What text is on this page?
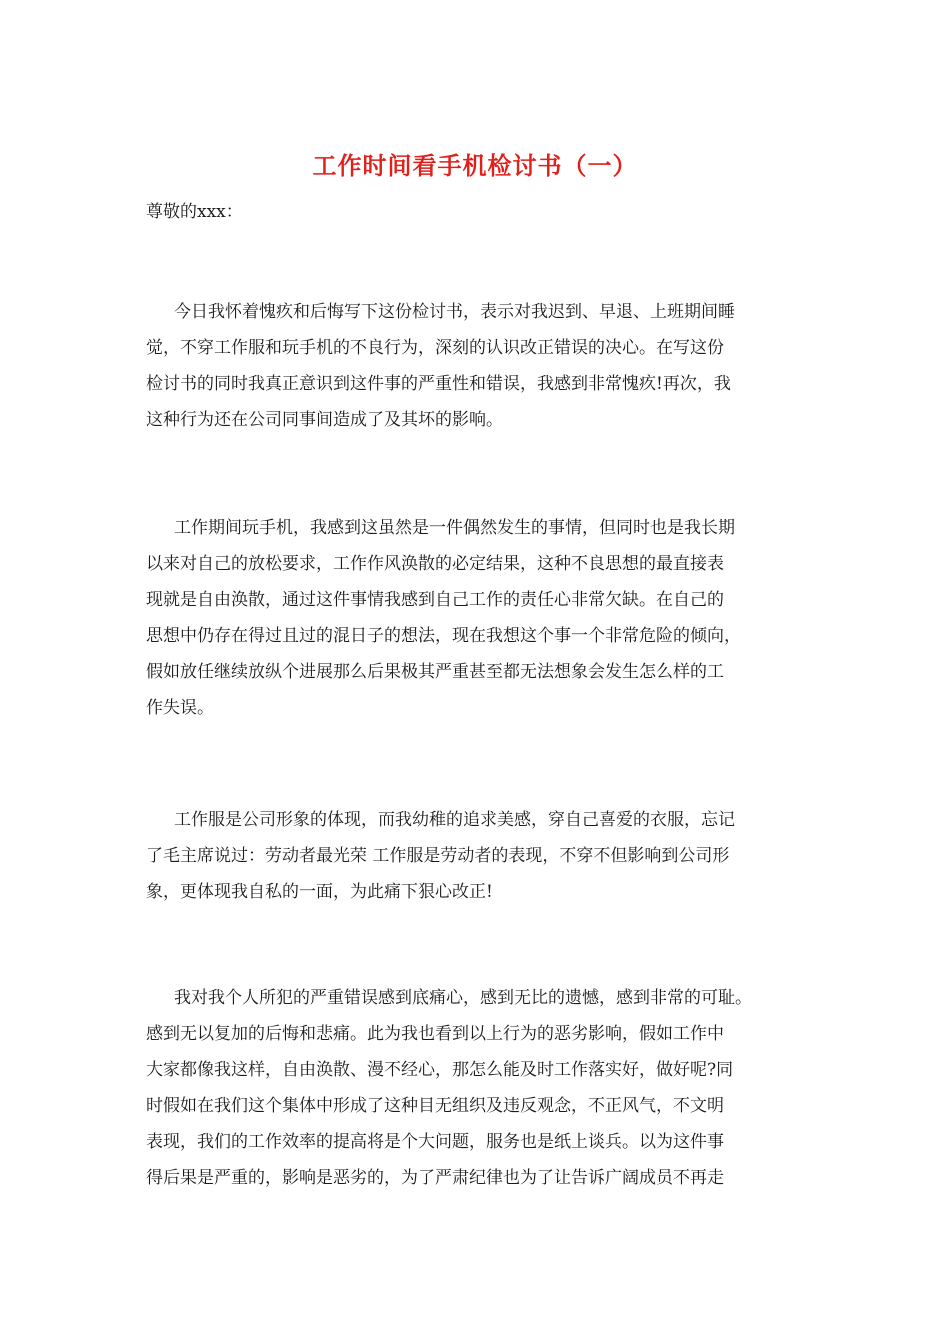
工作时间看手机检讨书（一）
尊敬的xxx：
今日我怀着愧疚和后悔写下这份检讨书，表示对我迟到、早退、上班期间睡
觉，不穿工作服和玩手机的不良行为，深刻的认识改正错误的决心。在写这份
检讨书的同时我真正意识到这件事的严重性和错误，我感到非常愧疚!再次，我
这种行为还在公司同事间造成了及其坏的影响。
工作期间玩手机，我感到这虽然是一件偶然发生的事情，但同时也是我长期
以来对自己的放松要求，工作作风涣散的必定结果，这种不良思想的最直接表
现就是自由涣散，通过这件事情我感到自己工作的责任心非常欠缺。在自己的
思想中仍存在得过且过的混日子的想法，现在我想这个事一个非常危险的倾向，
假如放任继续放纵个进展那么后果极其严重甚至都无法想象会发生怎么样的工
作失误。
工作服是公司形象的体现，而我幼稚的追求美感，穿自己喜爱的衣服，忘记
了毛主席说过：劳动者最光荣 工作服是劳动者的表现，不穿不但影响到公司形
象，更体现我自私的一面，为此痛下狠心改正!
我对我个人所犯的严重错误感到底痛心，感到无比的遗憾，感到非常的可耻。
感到无以复加的后悔和悲痛。此为我也看到以上行为的恶劣影响，假如工作中
大家都像我这样，自由涣散、漫不经心，那怎么能及时工作落实好，做好呢?同
时假如在我们这个集体中形成了这种目无组织及违反观念，不正风气，不文明
表现，我们的工作效率的提高将是个大问题，服务也是纸上谈兵。以为这件事
得后果是严重的，影响是恶劣的，为了严肃纪律也为了让告诉广阔成员不再走
